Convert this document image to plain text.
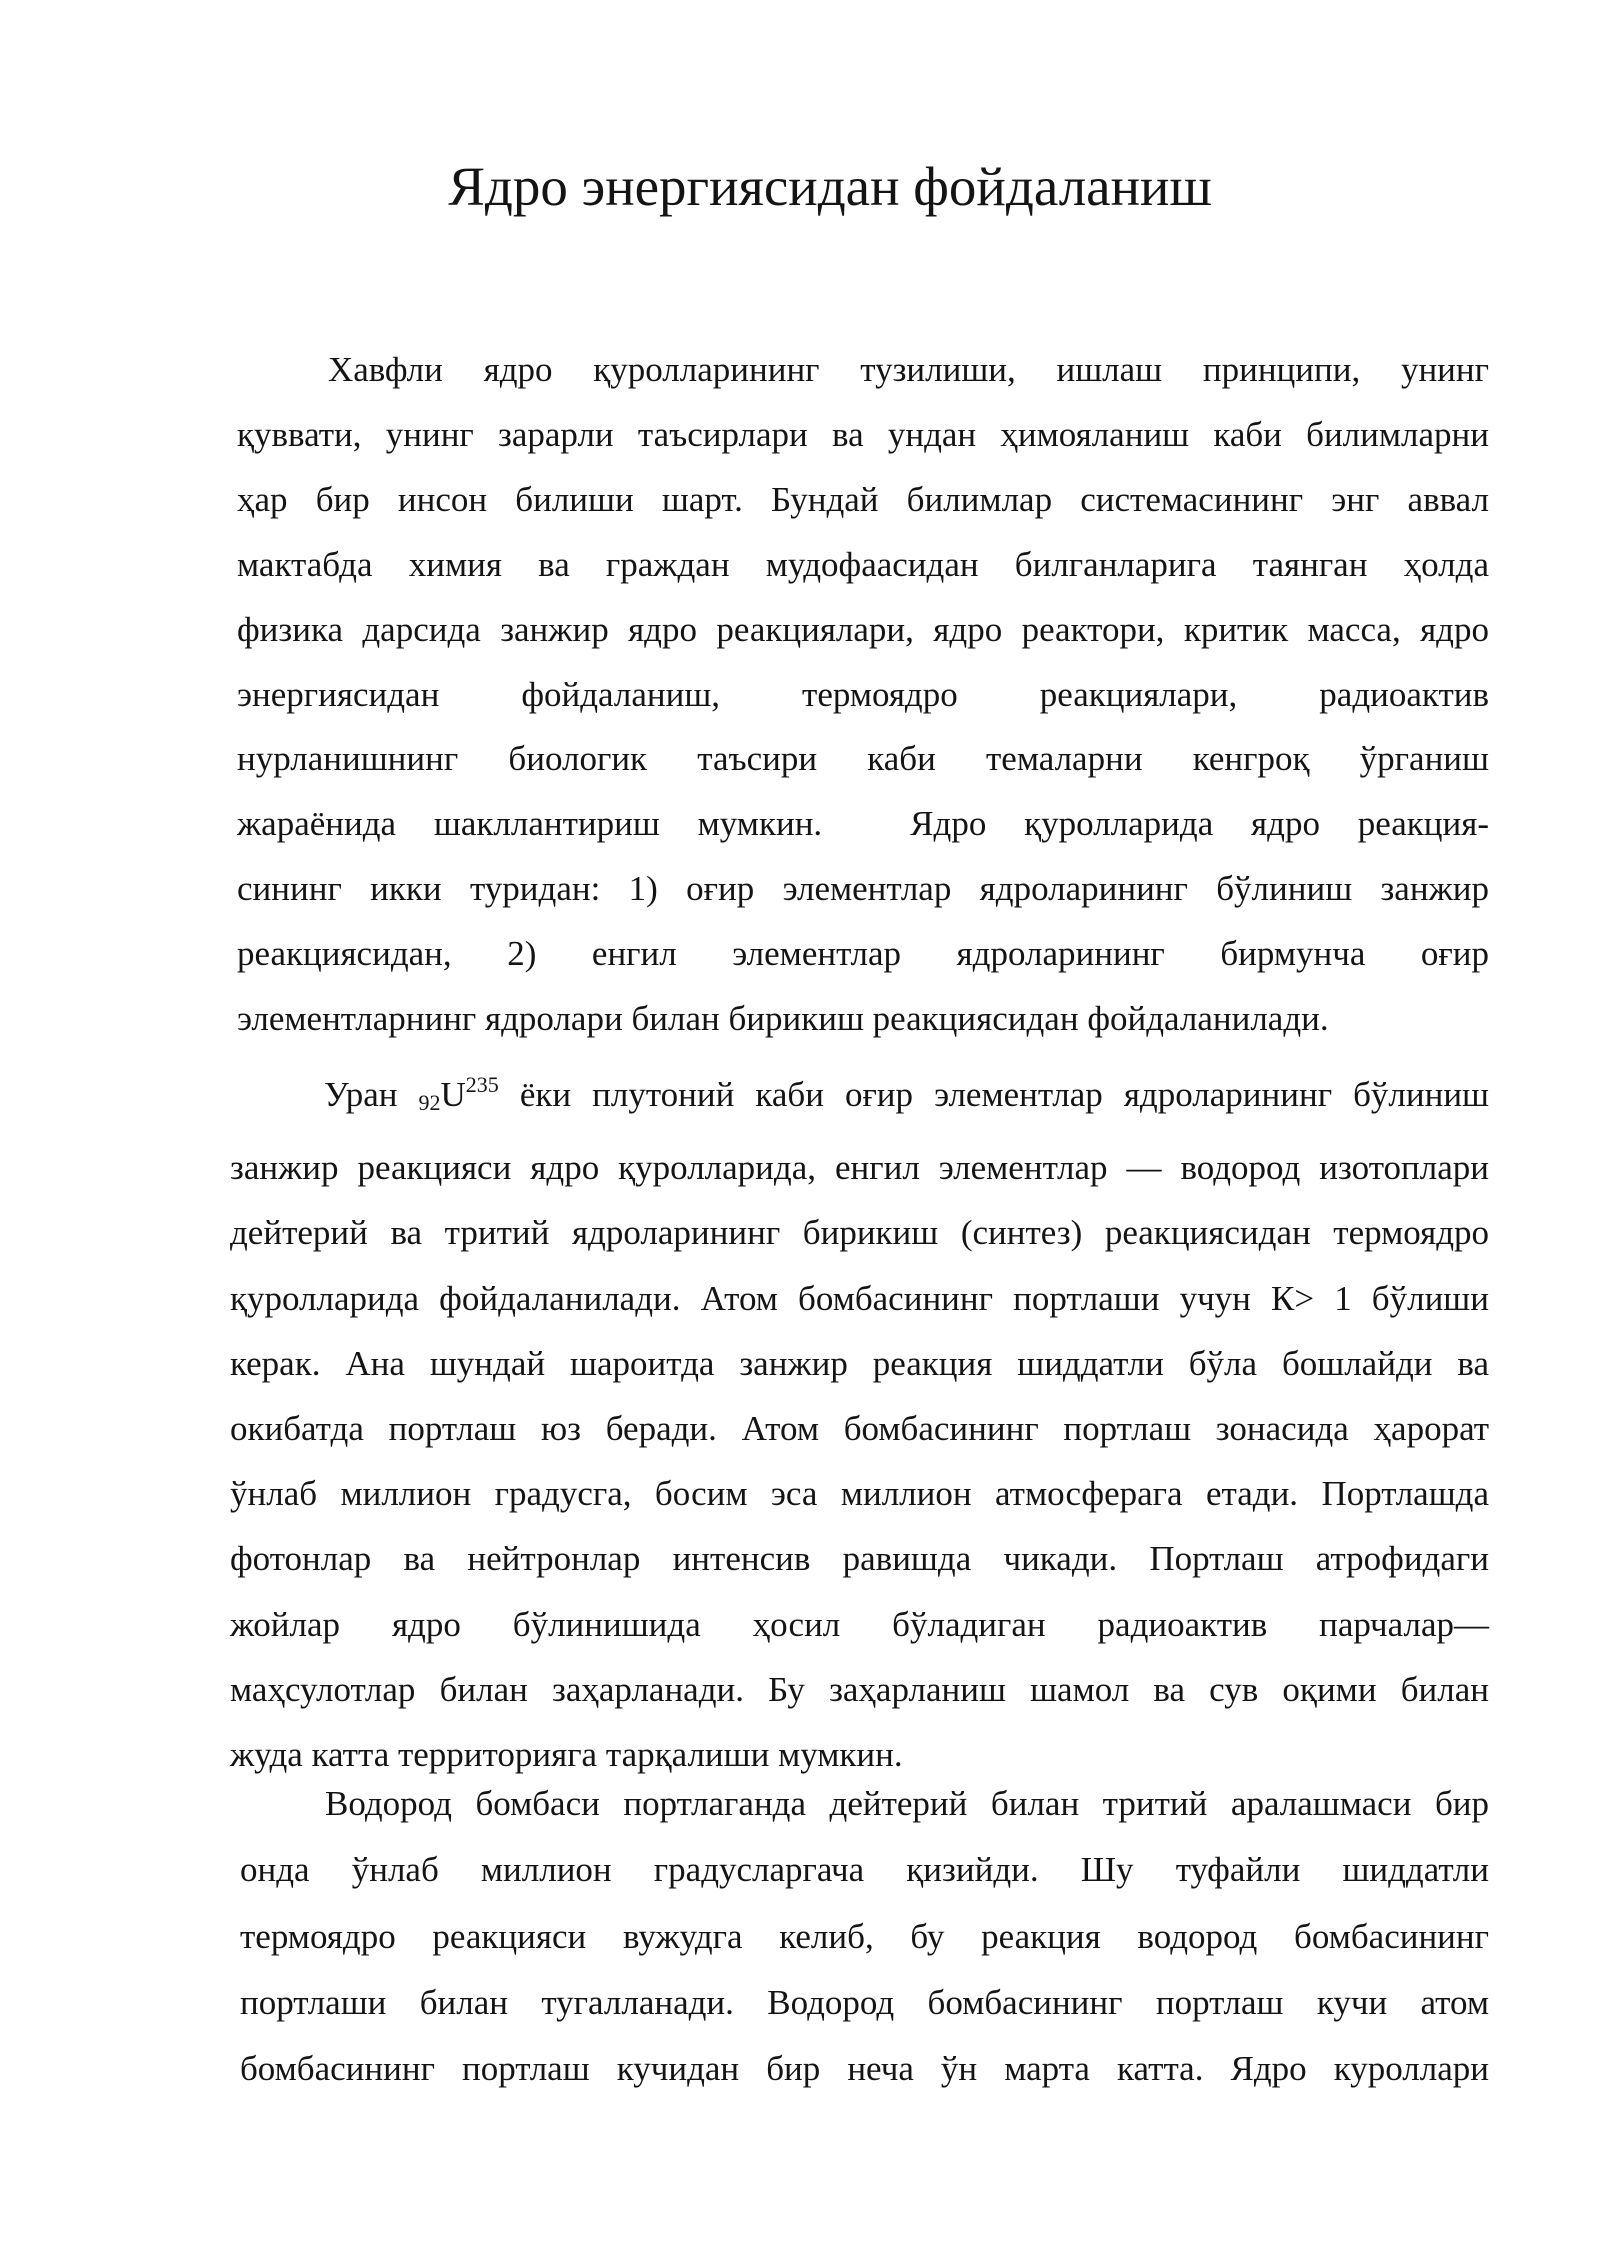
Ядро энергиясидан фойдаланиш
Хавфли ядро қуролларининг тузилиши, ишлаш принципи, унинг
қуввати, унинг зарарли таъсирлари ва ундан ҳимояланиш каби билимларни
ҳар бир инсон билиши шарт. Бундай билимлар системасининг энг аввал
мактабда химия ва граждан мудофаасидан билганларига таянган ҳолда
физика дарсида занжир ядро реакциялари, ядро реактори, критик масса, ядро
энергиясидан фойдаланиш, термоядро реакциялари, радиоактив
нурланишнинг биологик таъсири каби темаларни кенгроқ ўрганиш
жараёнида шакллантириш мумкин.	Ядро қуролларида ядро реакция-
сининг икки туридан: 1) оғир элементлар ядроларининг бўлиниш занжир
реакциясидан, 2) енгил элементлар ядроларининг бирмунча оғир
элементларнинг ядролари билан бирикиш реакциясидан фойдаланилади.
Уран $92U^{235}$ ёки плутоний каби оғир элементлар ядроларининг бўлиниш
занжир реакцияси ядро қуролларида, енгил элементлар — водород изотоплари
дейтерий ва тритий ядроларининг бирикиш (синтез) реакциясидан термоядро
қуролларида фойдаланилади. Атом бомбасининг портлаши учун К> 1 бўлиши
керак. Ана шундай шароитда занжир реакция шиддатли бўла бошлайди ва
окибатда портлаш юз беради. Атом бомбасининг портлаш зонасида ҳарорат
ўнлаб миллион градусга, босим эса миллион атмосферага етади. Портлашда
фотонлар ва нейтронлар интенсив равишда чикади. Портлаш атрофидаги
жойлар ядро бўлинишида ҳосил бўладиган радиоактив парчалар—
маҳсулотлар билан заҳарланади. Бу заҳарланиш шамол ва сув оқими билан
жуда катта территорияга тарқалиши мумкин.
Водород бомбаси портлаганда дейтерий билан тритий аралашмаси бир
онда ўнлаб миллион градусларгача қизийди. Шу туфайли шиддатли
термоядро реакцияси вужудга келиб, бу реакция водород бомбасининг
портлаши билан тугалланади. Водород бомбасининг портлаш кучи атом
бомбасининг портлаш кучидан бир неча ўн марта катта. Ядро куроллари
